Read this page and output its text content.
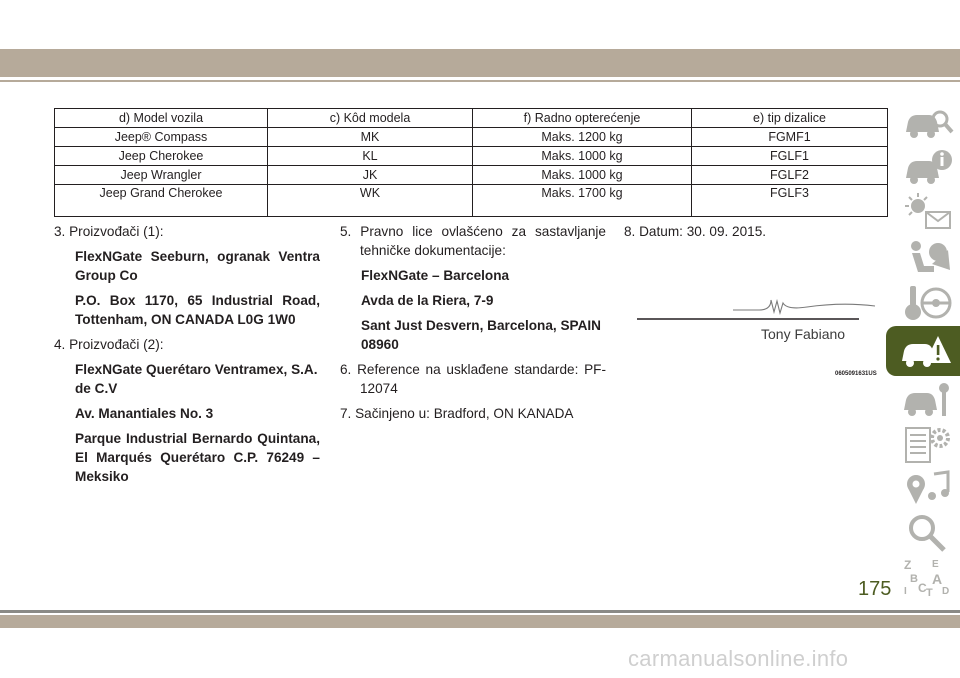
d) Model vozila	c) Kôd modela	f) Radno opterećenje	e) tip dizalice
Jeep® Compass	MK	Maks. 1200 kg	FGMF1
Jeep Cherokee	KL	Maks. 1000 kg	FGLF1
Jeep Wrangler	JK	Maks. 1000 kg	FGLF2
Jeep Grand Cherokee	WK	Maks. 1700 kg	FGLF3

3. Proizvođači (1):

FlexNGate Seeburn, ogranak Ventra Group Co

P.O. Box 1170, 65 Industrial Road, Tottenham, ON CANADA L0G 1W0

4. Proizvođači (2):

FlexNGate Querétaro Ventramex, S.A. de C.V

Av. Manantiales No. 3

Parque Industrial Bernardo Quintana, El Marqués Querétaro C.P. 76249 – Meksiko

5. Pravno lice ovlašćeno za sastavljanje tehničke dokumentacije:

FlexNGate – Barcelona

Avda de la Riera, 7-9

Sant Just Desvern, Barcelona, SPAIN 08960

6. Reference na usklađene standarde: PF-12074

7. Sačinjeno u: Bradford, ON KANADA

8. Datum: 30. 09. 2015.

Tony Fabiano
0605091631US
Z E
B A
I C T D
175
carmanualsonline.info
